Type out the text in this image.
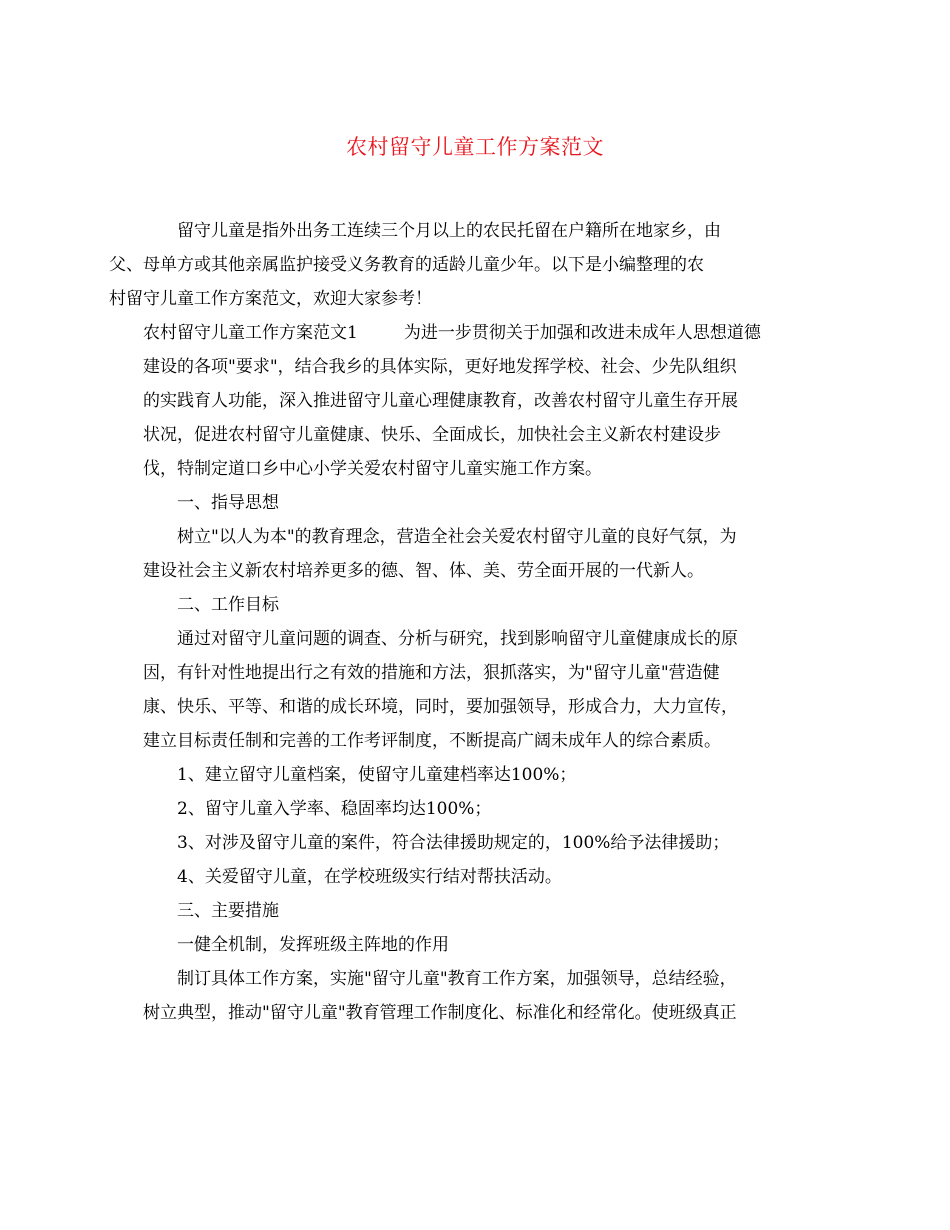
农村留守儿童工作方案范文

留守儿童是指外出务工连续三个月以上的农民托留在户籍所在地家乡，由
父、母单方或其他亲属监护接受义务教育的适龄儿童少年。以下是小编整理的农
村留守儿童工作方案范文，欢迎大家参考！

农村留守儿童工作方案范文1	为进一步贯彻关于加强和改进未成年人思想道德
建设的各项"要求"，结合我乡的具体实际，更好地发挥学校、社会、少先队组织
的实践育人功能，深入推进留守儿童心理健康教育，改善农村留守儿童生存开展
状况，促进农村留守儿童健康、快乐、全面成长，加快社会主义新农村建设步
伐，特制定道口乡中心小学关爱农村留守儿童实施工作方案。

一、指导思想

树立"以人为本"的教育理念，营造全社会关爱农村留守儿童的良好气氛，为
建设社会主义新农村培养更多的德、智、体、美、劳全面开展的一代新人。

二、工作目标

通过对留守儿童问题的调查、分析与研究，找到影响留守儿童健康成长的原
因，有针对性地提出行之有效的措施和方法，狠抓落实，为"留守儿童"营造健
康、快乐、平等、和谐的成长环境，同时，要加强领导，形成合力，大力宣传，
建立目标责任制和完善的工作考评制度，不断提高广阔未成年人的综合素质。

1、建立留守儿童档案，使留守儿童建档率达100%；

2、留守儿童入学率、稳固率均达100%；

3、对涉及留守儿童的案件，符合法律援助规定的，100%给予法律援助；

4、关爱留守儿童，在学校班级实行结对帮扶活动。

三、主要措施

一健全机制，发挥班级主阵地的作用

制订具体工作方案，实施"留守儿童"教育工作方案，加强领导，总结经验，
树立典型，推动"留守儿童"教育管理工作制度化、标准化和经常化。使班级真正
